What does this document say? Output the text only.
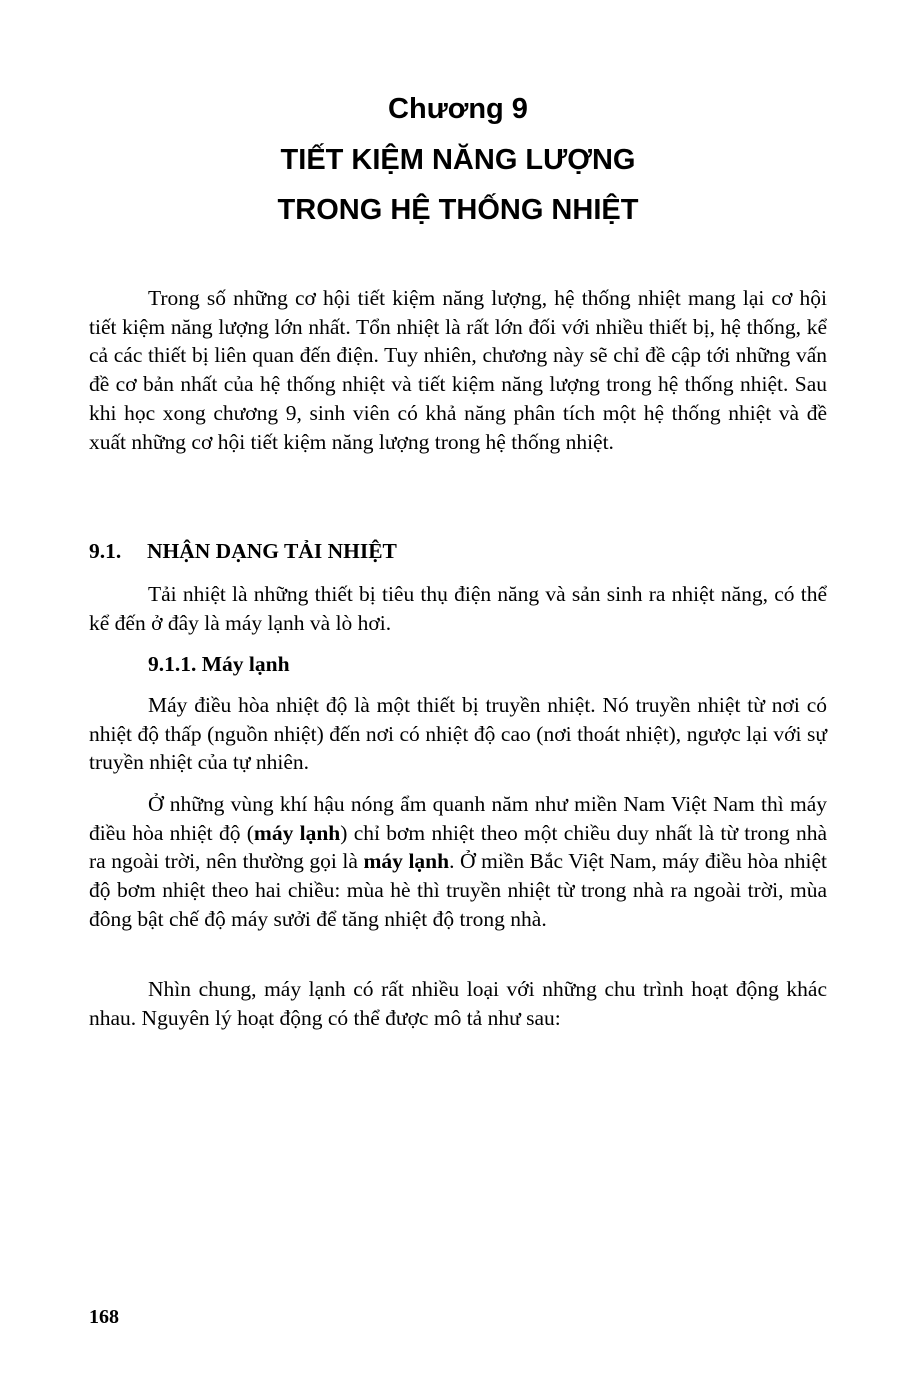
Chương 9
TIẾT KIỆM NĂNG LƯỢNG
TRONG HỆ THỐNG NHIỆT

Trong số những cơ hội tiết kiệm năng lượng, hệ thống nhiệt mang lại cơ hội tiết kiệm năng lượng lớn nhất. Tổn nhiệt là rất lớn đối với nhiều thiết bị, hệ thống, kể cả các thiết bị liên quan đến điện. Tuy nhiên, chương này sẽ chỉ đề cập tới những vấn đề cơ bản nhất của hệ thống nhiệt và tiết kiệm năng lượng trong hệ thống nhiệt. Sau khi học xong chương 9, sinh viên có khả năng phân tích một hệ thống nhiệt và đề xuất những cơ hội tiết kiệm năng lượng trong hệ thống nhiệt.

9.1. NHẬN DẠNG TẢI NHIỆT

Tải nhiệt là những thiết bị tiêu thụ điện năng và sản sinh ra nhiệt năng, có thể kể đến ở đây là máy lạnh và lò hơi.

9.1.1. Máy lạnh

Máy điều hòa nhiệt độ là một thiết bị truyền nhiệt. Nó truyền nhiệt từ nơi có nhiệt độ thấp (nguồn nhiệt) đến nơi có nhiệt độ cao (nơi thoát nhiệt), ngược lại với sự truyền nhiệt của tự nhiên.

Ở những vùng khí hậu nóng ẩm quanh năm như miền Nam Việt Nam thì máy điều hòa nhiệt độ (máy lạnh) chỉ bơm nhiệt theo một chiều duy nhất là từ trong nhà ra ngoài trời, nên thường gọi là máy lạnh. Ở miền Bắc Việt Nam, máy điều hòa nhiệt độ bơm nhiệt theo hai chiều: mùa hè thì truyền nhiệt từ trong nhà ra ngoài trời, mùa đông bật chế độ máy sưởi để tăng nhiệt độ trong nhà.

Nhìn chung, máy lạnh có rất nhiều loại với những chu trình hoạt động khác nhau. Nguyên lý hoạt động có thể được mô tả như sau:

168
